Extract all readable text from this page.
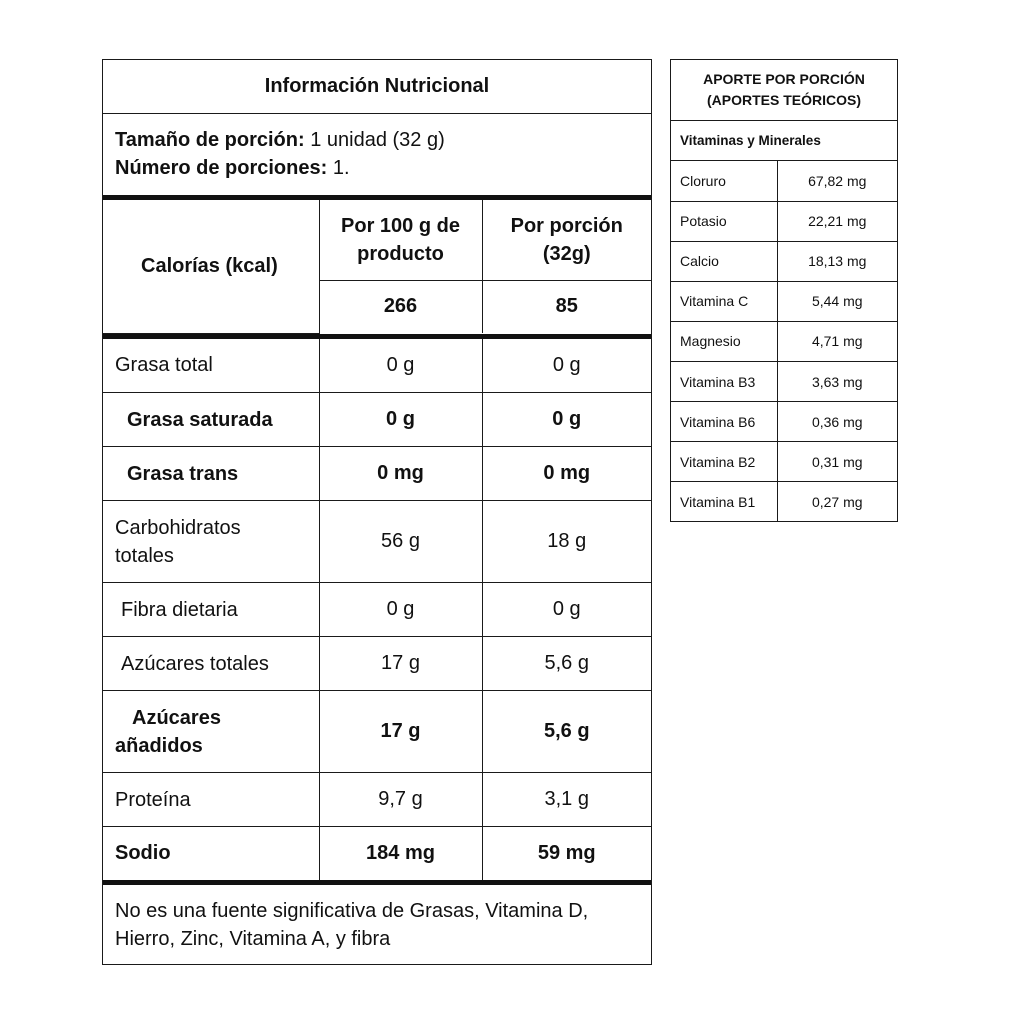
Información Nutricional
Tamaño de porción: 1 unidad (32 g)
Número de porciones: 1.
Calorías (kcal)	Por 100 g de producto	Por porción (32g)
	266	85
Grasa total	0 g	0 g
Grasa saturada	0 g	0 g
Grasa trans	0 mg	0 mg
Carbohidratos totales	56 g	18 g
Fibra dietaria	0 g	0 g
Azúcares totales	17 g	5,6 g
Azúcares añadidos	17 g	5,6 g
Proteína	9,7 g	3,1 g
Sodio	184 mg	59 mg
No es una fuente significativa de Grasas, Vitamina D, Hierro, Zinc, Vitamina A, y fibra
APORTE POR PORCIÓN
(APORTES TEÓRICOS)
Vitaminas y Minerales
Cloruro	67,82 mg
Potasio	22,21 mg
Calcio	18,13 mg
Vitamina C	5,44 mg
Magnesio	4,71 mg
Vitamina B3	3,63 mg
Vitamina B6	0,36 mg
Vitamina B2	0,31 mg
Vitamina B1	0,27 mg
